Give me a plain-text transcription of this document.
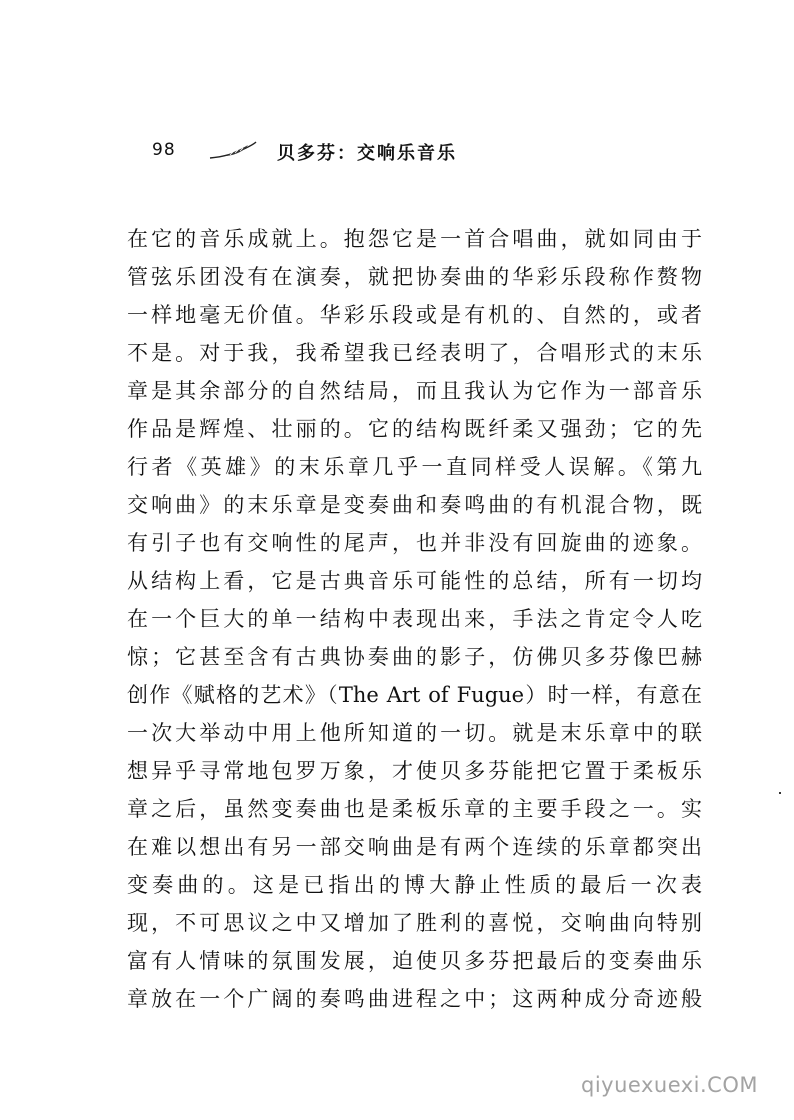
98	贝多芬：交响乐音乐
在它的音乐成就上。抱怨它是一首合唱曲，就如同由于
管弦乐团没有在演奏，就把协奏曲的华彩乐段称作赘物
一样地毫无价值。华彩乐段或是有机的、自然的，或者
不是。对于我，我希望我已经表明了，合唱形式的末乐
章是其余部分的自然结局，而且我认为它作为一部音乐
作品是辉煌、壮丽的。它的结构既纤柔又强劲；它的先
行者《英雄》的末乐章几乎一直同样受人误解。《第九
交响曲》的末乐章是变奏曲和奏鸣曲的有机混合物，既
有引子也有交响性的尾声，也并非没有回旋曲的迹象。
从结构上看，它是古典音乐可能性的总结，所有一切均
在一个巨大的单一结构中表现出来，手法之肯定令人吃
惊；它甚至含有古典协奏曲的影子，仿佛贝多芬像巴赫
创作《赋格的艺术》（The Art of Fugue）时一样，有意在
一次大举动中用上他所知道的一切。就是末乐章中的联
想异乎寻常地包罗万象，才使贝多芬能把它置于柔板乐
章之后，虽然变奏曲也是柔板乐章的主要手段之一。实
在难以想出有另一部交响曲是有两个连续的乐章都突出
变奏曲的。这是已指出的博大静止性质的最后一次表
现，不可思议之中又增加了胜利的喜悦，交响曲向特别
富有人情味的氛围发展，迫使贝多芬把最后的变奏曲乐
章放在一个广阔的奏鸣曲进程之中；这两种成分奇迹般
qiyuexuexi.COM
